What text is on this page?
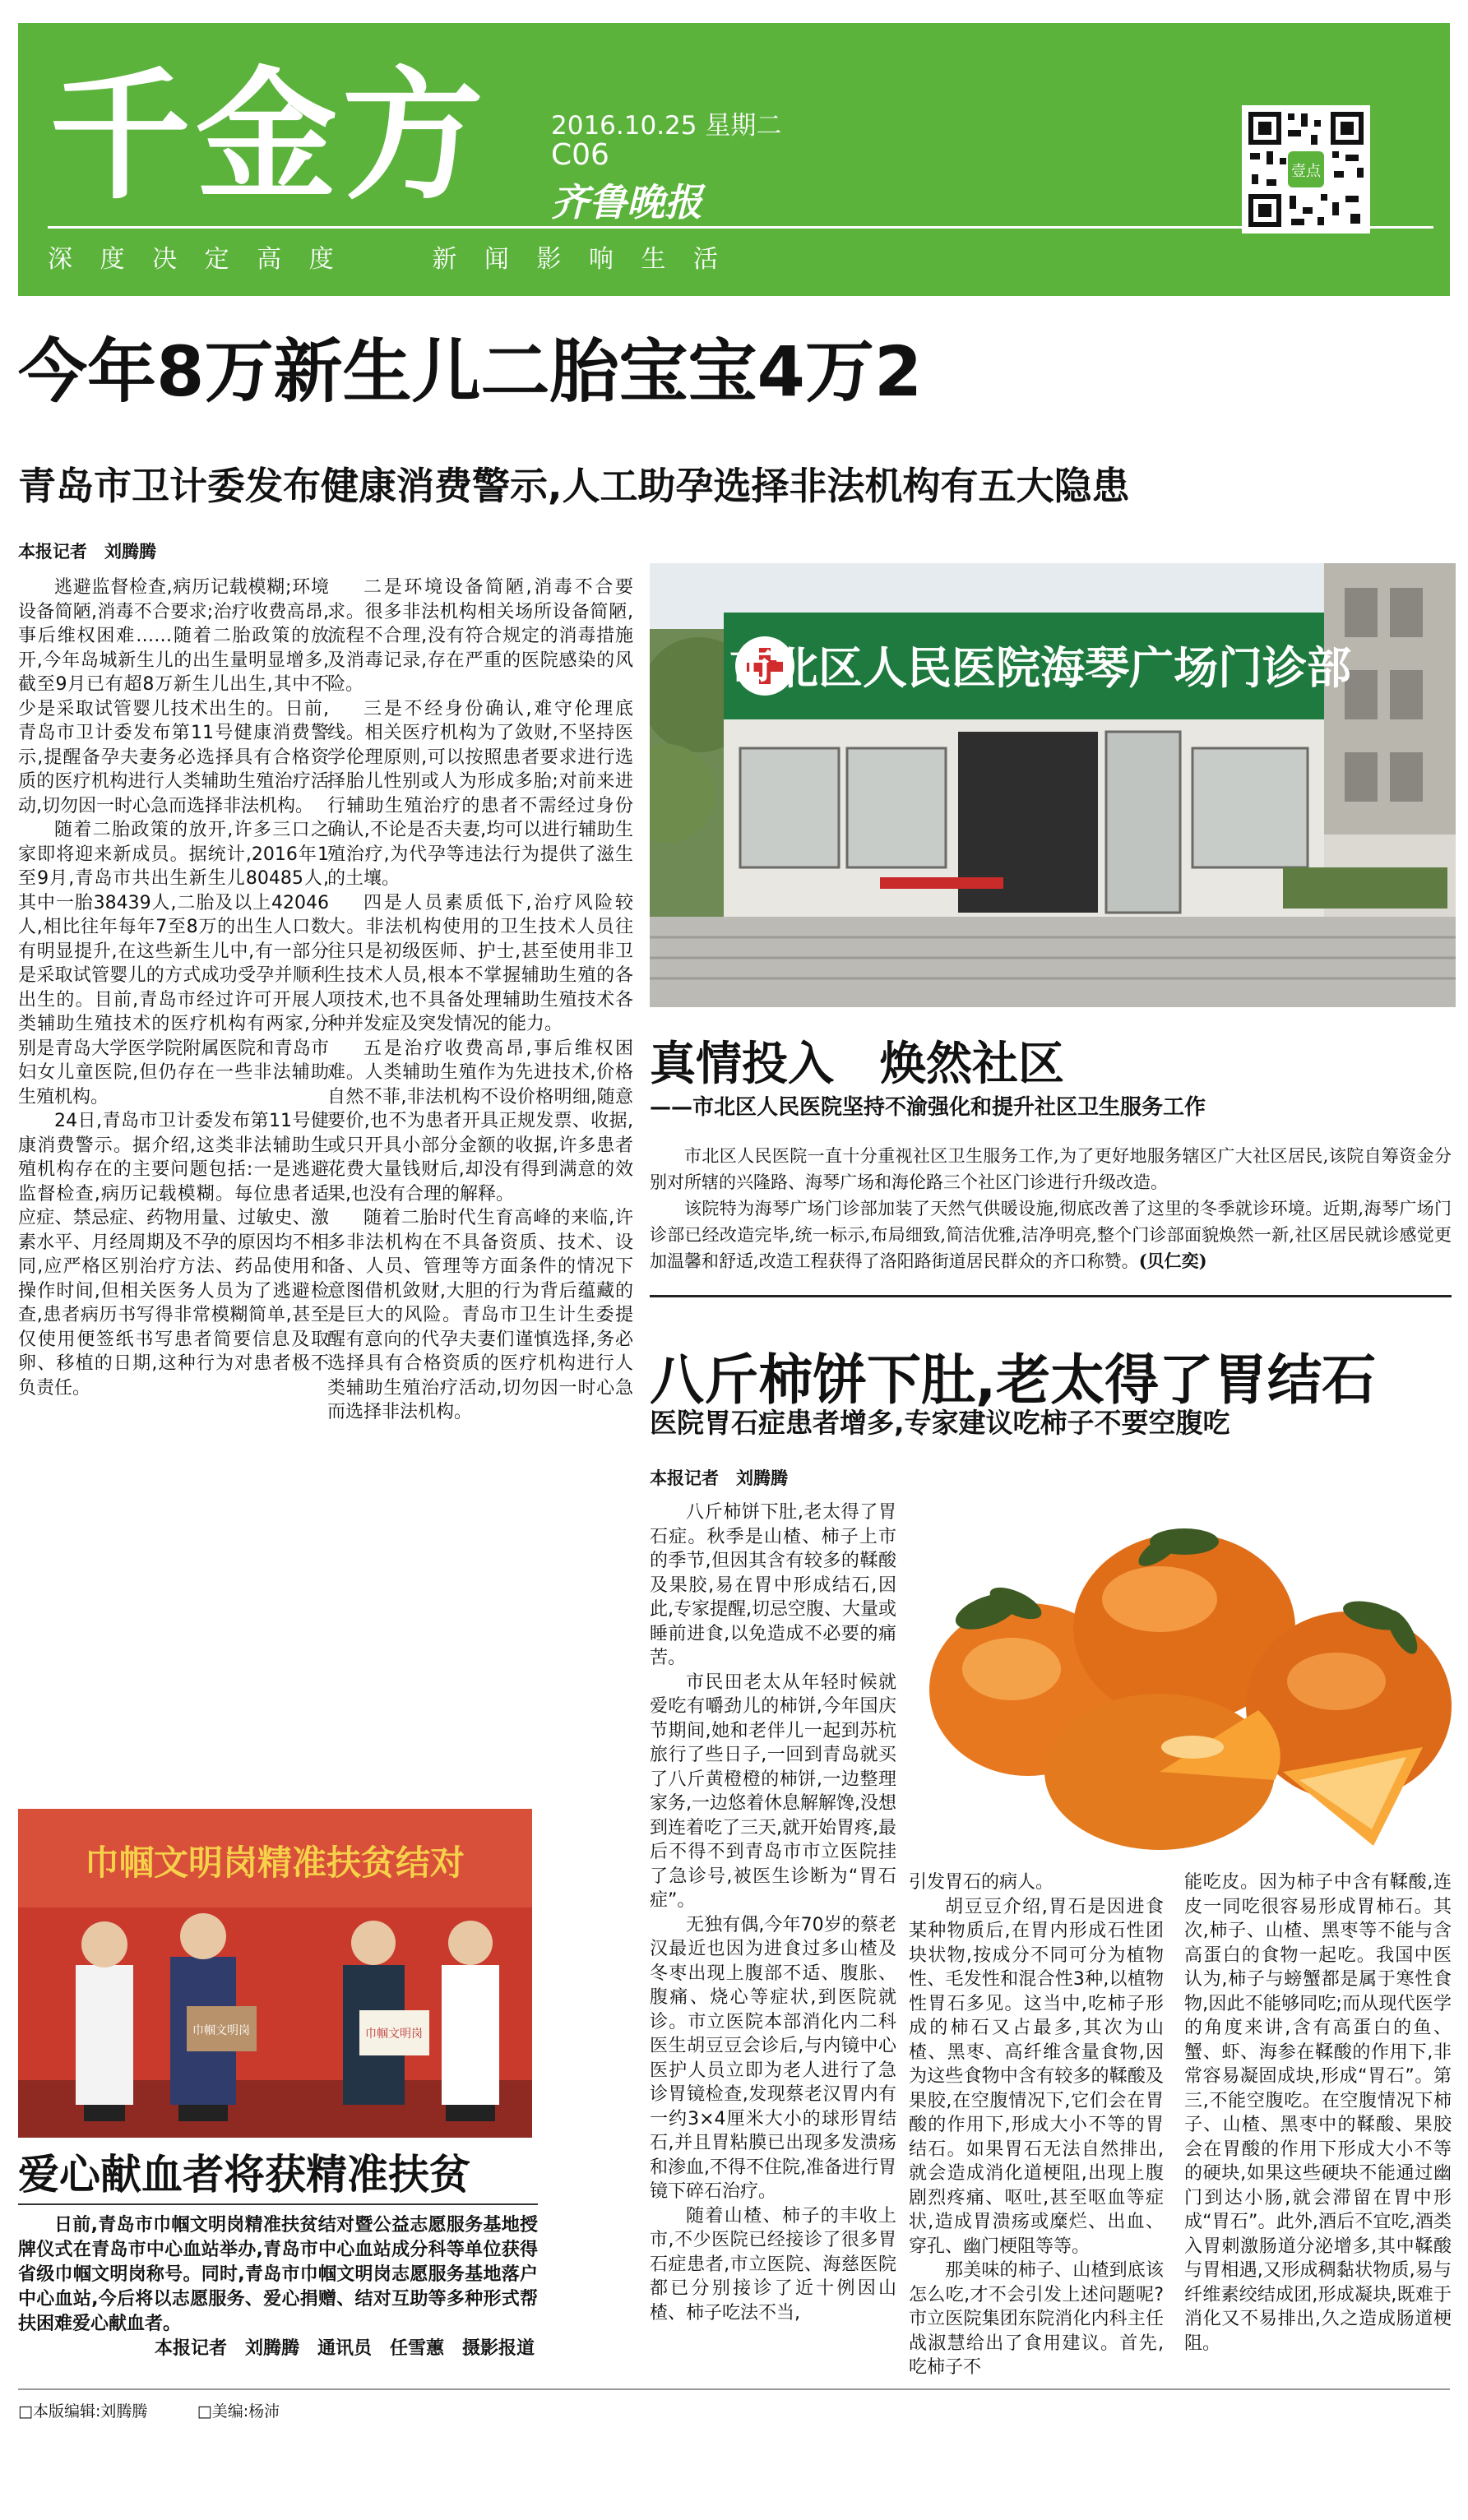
千金方 2016.10.25 星期二
C06
齐鲁晚报
深 度 决 定 高 度     新 闻 影 响 生 活
壹点
今年8万新生儿二胎宝宝4万2
青岛市卫计委发布健康消费警示,人工助孕选择非法机构有五大隐患
本报记者　刘腾腾

逃避监督检查,病历记载模糊;环境设备简陋,消毒不合要求;治疗收费高昂,事后维权困难……随着二胎政策的放开,今年岛城新生儿的出生量明显增多,截至9月已有超8万新生儿出生,其中不少是采取试管婴儿技术出生的。日前,青岛市卫计委发布第11号健康消费警示,提醒备孕夫妻务必选择具有合格资质的医疗机构进行人类辅助生殖治疗活动,切勿因一时心急而选择非法机构。

随着二胎政策的放开,许多三口之家即将迎来新成员。据统计,2016年1至9月,青岛市共出生新生儿80485人,其中一胎38439人,二胎及以上42046人,相比往年每年7至8万的出生人口数有明显提升,在这些新生儿中,有一部分是采取试管婴儿的方式成功受孕并顺利出生的。目前,青岛市经过许可开展人类辅助生殖技术的医疗机构有两家,分别是青岛大学医学院附属医院和青岛市妇女儿童医院,但仍存在一些非法辅助生殖机构。

24日,青岛市卫计委发布第11号健康消费警示。据介绍,这类非法辅助生殖机构存在的主要问题包括:一是逃避监督检查,病历记载模糊。每位患者适应症、禁忌症、药物用量、过敏史、激素水平、月经周期及不孕的原因均不相同,应严格区别治疗方法、药品使用和操作时间,但相关医务人员为了逃避检查,患者病历书写得非常模糊简单,甚至仅使用便签纸书写患者简要信息及取卵、移植的日期,这种行为对患者极不负责任。

二是环境设备简陋,消毒不合要求。很多非法机构相关场所设备简陋,流程不合理,没有符合规定的消毒措施及消毒记录,存在严重的医院感染的风险。

三是不经身份确认,难守伦理底线。相关医疗机构为了敛财,不坚持医学伦理原则,可以按照患者要求进行选择胎儿性别或人为形成多胎;对前来进行辅助生殖治疗的患者不需经过身份确认,不论是否夫妻,均可以进行辅助生殖治疗,为代孕等违法行为提供了滋生的土壤。

四是人员素质低下,治疗风险较大。非法机构使用的卫生技术人员往往只是初级医师、护士,甚至使用非卫生技术人员,根本不掌握辅助生殖的各项技术,也不具备处理辅助生殖技术各种并发症及突发情况的能力。

五是治疗收费高昂,事后维权困难。人类辅助生殖作为先进技术,价格自然不菲,非法机构不设价格明细,随意要价,也不为患者开具正规发票、收据,或只开具小部分金额的收据,许多患者花费大量钱财后,却没有得到满意的效果,也没有合理的解释。

随着二胎时代生育高峰的来临,许多非法机构在不具备资质、技术、设备、人员、管理等方面条件的情况下意图借机敛财,大胆的行为背后蕴藏的是巨大的风险。青岛市卫生计生委提醒有意向的代孕夫妻们谨慎选择,务必选择具有合格资质的医疗机构进行人类辅助生殖治疗活动,切勿因一时心急而选择非法机构。

市北区人民医院海琴广场门诊部
真情投入　焕然社区
——市北区人民医院坚持不渝强化和提升社区卫生服务工作

市北区人民医院一直十分重视社区卫生服务工作,为了更好地服务辖区广大社区居民,该院自筹资金分别对所辖的兴隆路、海琴广场和海伦路三个社区门诊进行升级改造。

该院特为海琴广场门诊部加装了天然气供暖设施,彻底改善了这里的冬季就诊环境。近期,海琴广场门诊部已经改造完毕,统一标示,布局细致,简洁优雅,洁净明亮,整个门诊部面貌焕然一新,社区居民就诊感觉更加温馨和舒适,改造工程获得了洛阳路街道居民群众的齐口称赞。(贝仁奕)

八斤柿饼下肚,老太得了胃结石
医院胃石症患者增多,专家建议吃柿子不要空腹吃
本报记者　刘腾腾

八斤柿饼下肚,老太得了胃石症。秋季是山楂、柿子上市的季节,但因其含有较多的鞣酸及果胶,易在胃中形成结石,因此,专家提醒,切忌空腹、大量或睡前进食,以免造成不必要的痛苦。

市民田老太从年轻时候就爱吃有嚼劲儿的柿饼,今年国庆节期间,她和老伴儿一起到苏杭旅行了些日子,一回到青岛就买了八斤黄橙橙的柿饼,一边整理家务,一边悠着休息解解馋,没想到连着吃了三天,就开始胃疼,最后不得不到青岛市市立医院挂了急诊号,被医生诊断为“胃石症”。

无独有偶,今年70岁的蔡老汉最近也因为进食过多山楂及冬枣出现上腹部不适、腹胀、腹痛、烧心等症状,到医院就诊。市立医院本部消化内二科医生胡豆豆会诊后,与内镜中心医护人员立即为老人进行了急诊胃镜检查,发现蔡老汉胃内有一约3×4厘米大小的球形胃结石,并且胃粘膜已出现多发溃疡和渗血,不得不住院,准备进行胃镜下碎石治疗。

随着山楂、柿子的丰收上市,不少医院已经接诊了很多胃石症患者,市立医院、海慈医院都已分别接诊了近十例因山楂、柿子吃法不当,

引发胃石的病人。

胡豆豆介绍,胃石是因进食某种物质后,在胃内形成石性团块状物,按成分不同可分为植物性、毛发性和混合性3种,以植物性胃石多见。这当中,吃柿子形成的柿石又占最多,其次为山楂、黑枣、高纤维含量食物,因为这些食物中含有较多的鞣酸及果胶,在空腹情况下,它们会在胃酸的作用下,形成大小不等的胃结石。如果胃石无法自然排出,就会造成消化道梗阻,出现上腹剧烈疼痛、呕吐,甚至呕血等症状,造成胃溃疡或糜烂、出血、穿孔、幽门梗阻等等。

那美味的柿子、山楂到底该怎么吃,才不会引发上述问题呢?市立医院集团东院消化内科主任战淑慧给出了食用建议。首先,吃柿子不

能吃皮。因为柿子中含有鞣酸,连皮一同吃很容易形成胃柿石。其次,柿子、山楂、黑枣等不能与含高蛋白的食物一起吃。我国中医认为,柿子与螃蟹都是属于寒性食物,因此不能够同吃;而从现代医学的角度来讲,含有高蛋白的鱼、蟹、虾、海参在鞣酸的作用下,非常容易凝固成块,形成“胃石”。第三,不能空腹吃。在空腹情况下柿子、山楂、黑枣中的鞣酸、果胶会在胃酸的作用下形成大小不等的硬块,如果这些硬块不能通过幽门到达小肠,就会滞留在胃中形成“胃石”。此外,酒后不宜吃,酒类入胃刺激肠道分泌增多,其中鞣酸与胃相遇,又形成稠黏状物质,易与纤维素绞结成团,形成凝块,既难于消化又不易排出,久之造成肠道梗阻。

巾帼文明岗精准扶贫结对
巾帼文明岗	巾帼文明岗
爱心献血者将获精准扶贫

日前,青岛市巾帼文明岗精准扶贫结对暨公益志愿服务基地授牌仪式在青岛市中心血站举办,青岛市中心血站成分科等单位获得省级巾帼文明岗称号。同时,青岛市巾帼文明岗志愿服务基地落户中心血站,今后将以志愿服务、爱心捐赠、结对互助等多种形式帮扶困难爱心献血者。

本报记者　刘腾腾　通讯员　任雪蕙　摄影报道
□本版编辑:刘腾腾	□美编:杨沛
